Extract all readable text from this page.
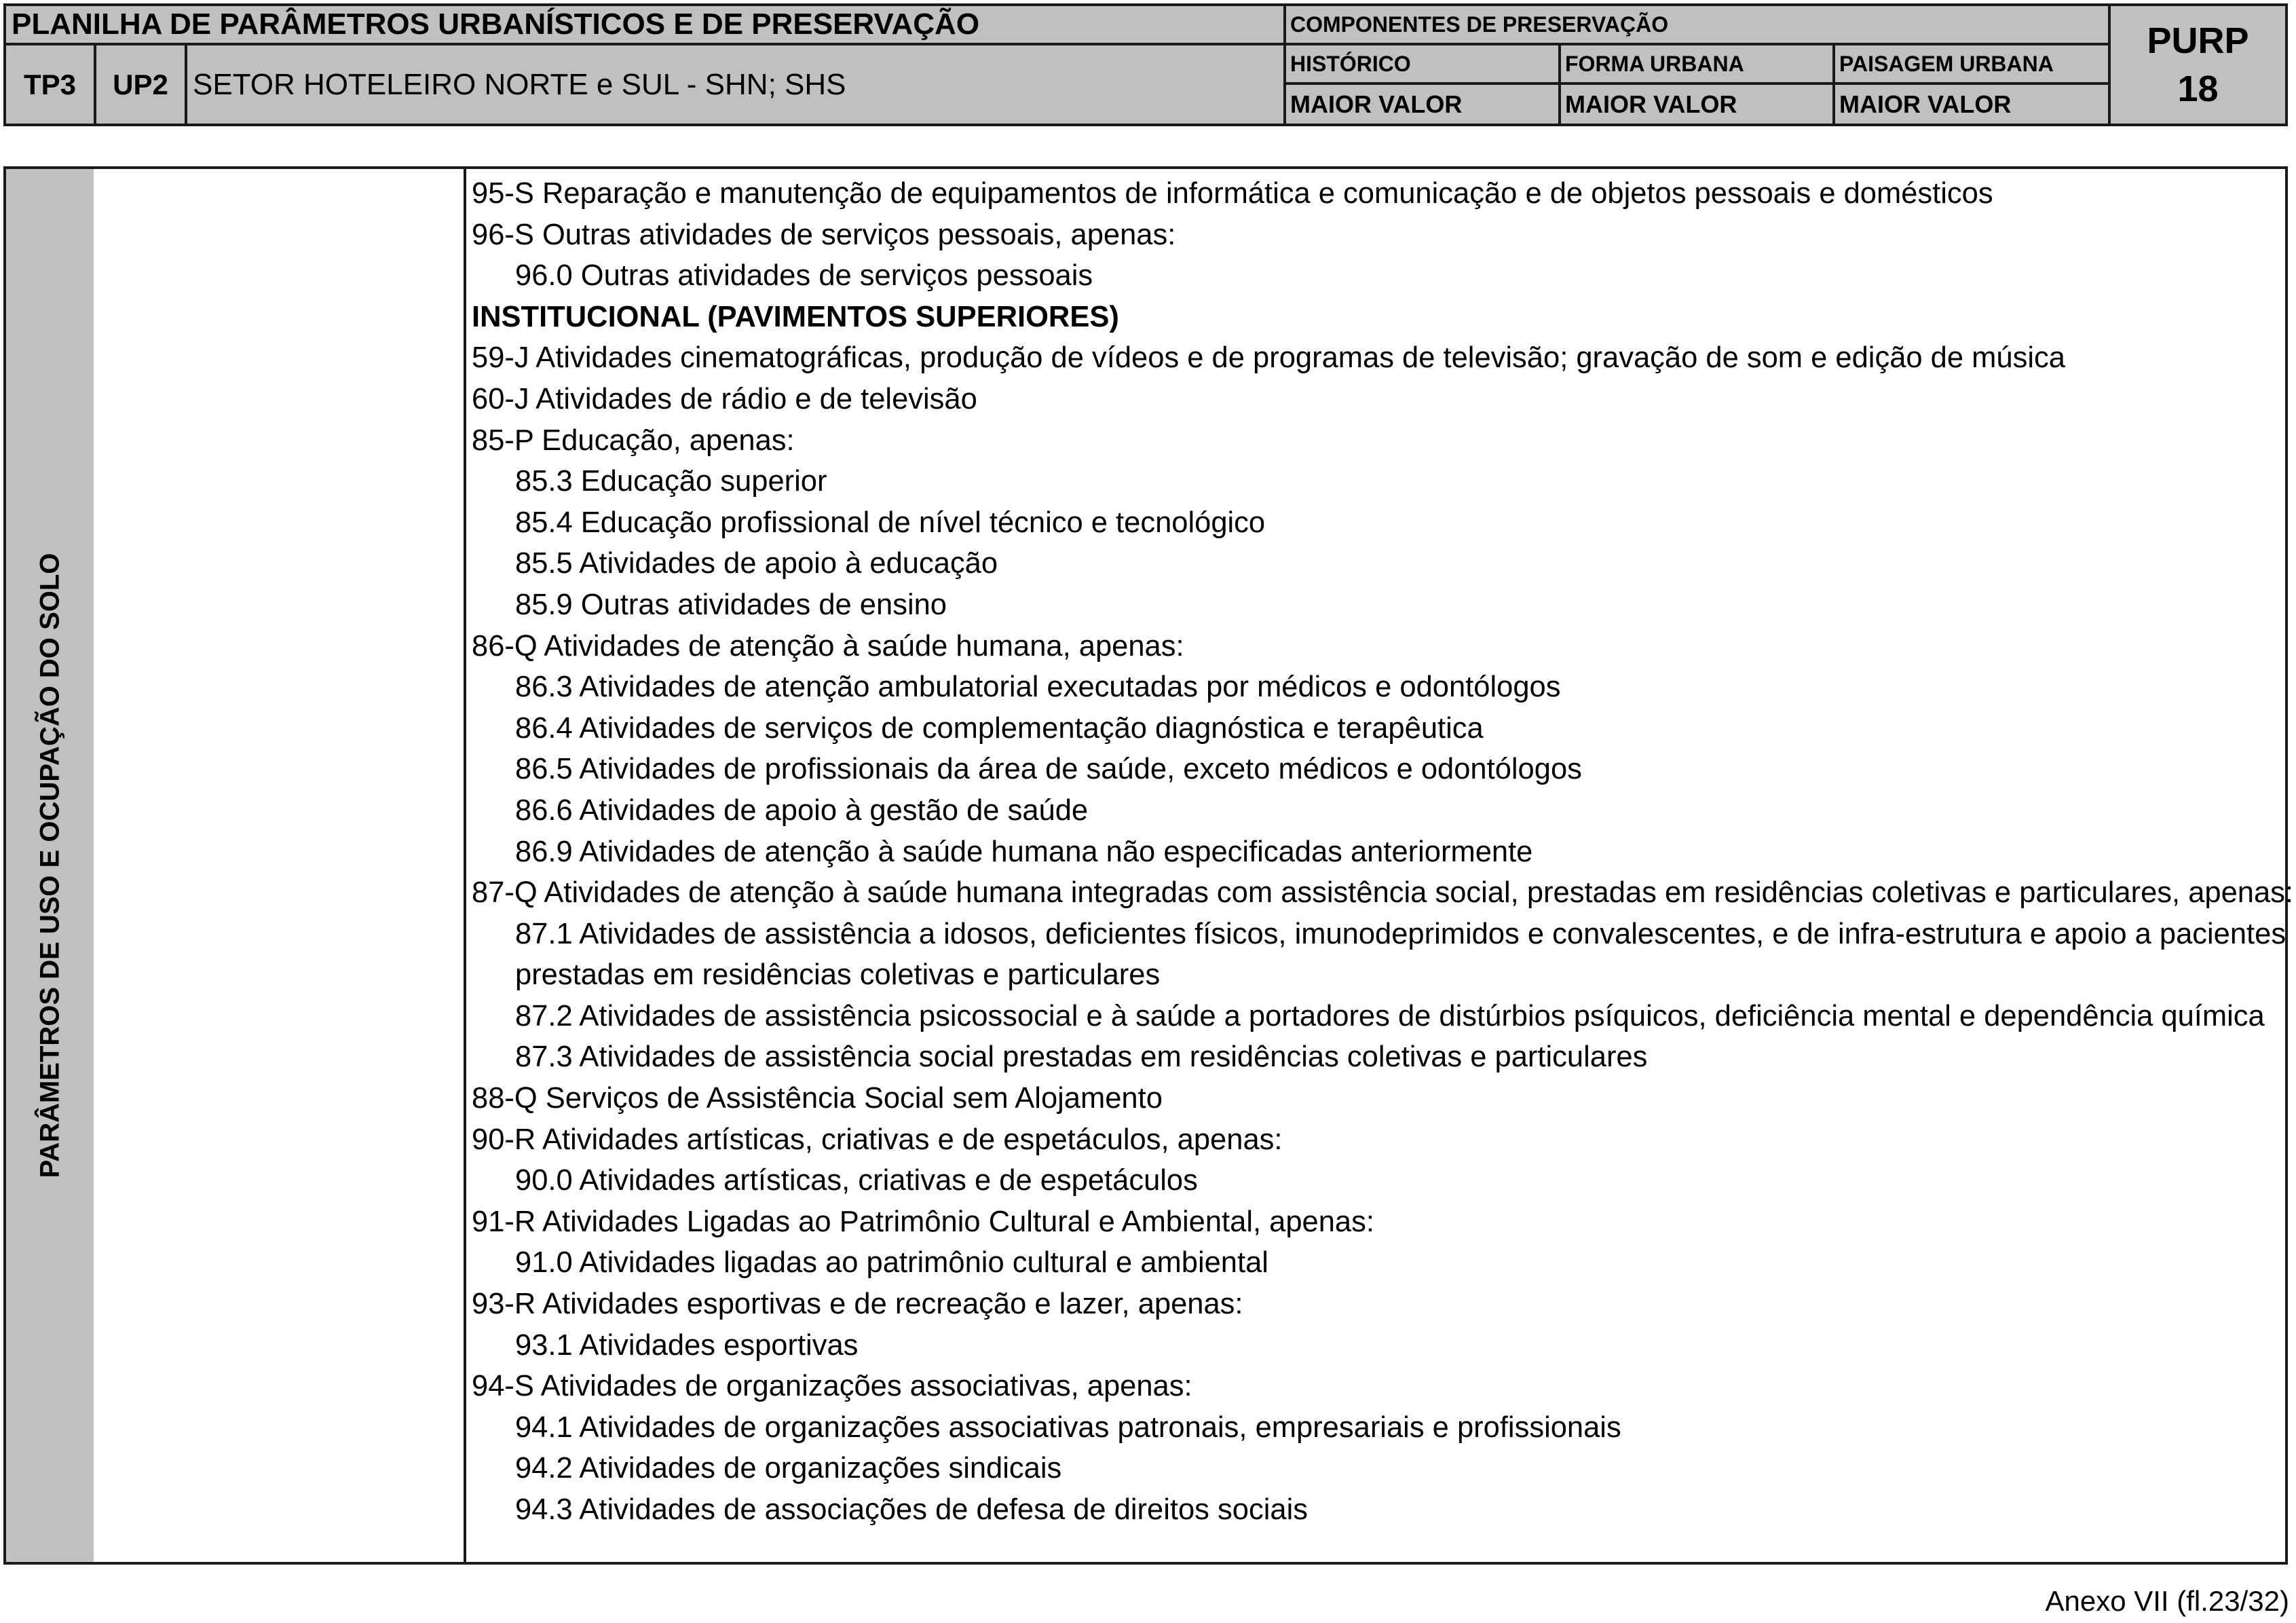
PLANILHA DE PARÂMETROS URBANÍSTICOS E DE PRESERVAÇÃO
TP3	UP2 SETOR HOTELEIRO NORTE e SUL - SHN; SHS
COMPONENTES DE PRESERVAÇÃO
HISTÓRICO	FORMA URBANA	PAISAGEM URBANA
MAIOR VALOR	MAIOR VALOR	MAIOR VALOR
PURP
18
PARÂMETROS DE USO E OCUPAÇÃO DO SOLO
95-S Reparação e manutenção de equipamentos de informática e comunicação e de objetos pessoais e domésticos
96-S Outras atividades de serviços pessoais, apenas:
96.0 Outras atividades de serviços pessoais
INSTITUCIONAL (PAVIMENTOS SUPERIORES)
59-J Atividades cinematográficas, produção de vídeos e de programas de televisão; gravação de som e edição de música
60-J Atividades de rádio e de televisão
85-P Educação, apenas:
85.3 Educação superior
85.4 Educação profissional de nível técnico e tecnológico
85.5 Atividades de apoio à educação
85.9 Outras atividades de ensino
86-Q Atividades de atenção à saúde humana, apenas:
86.3 Atividades de atenção ambulatorial executadas por médicos e odontólogos
86.4 Atividades de serviços de complementação diagnóstica e terapêutica
86.5 Atividades de profissionais da área de saúde, exceto médicos e odontólogos
86.6 Atividades de apoio à gestão de saúde
86.9 Atividades de atenção à saúde humana não especificadas anteriormente
87-Q Atividades de atenção à saúde humana integradas com assistência social, prestadas em residências coletivas e particulares, apenas:
87.1 Atividades de assistência a idosos, deficientes físicos, imunodeprimidos e convalescentes, e de infra-estrutura e apoio a pacientes
prestadas em residências coletivas e particulares
87.2 Atividades de assistência psicossocial e à saúde a portadores de distúrbios psíquicos, deficiência mental e dependência química
87.3 Atividades de assistência social prestadas em residências coletivas e particulares
88-Q Serviços de Assistência Social sem Alojamento
90-R Atividades artísticas, criativas e de espetáculos, apenas:
90.0 Atividades artísticas, criativas e de espetáculos
91-R Atividades Ligadas ao Patrimônio Cultural e Ambiental, apenas:
91.0 Atividades ligadas ao patrimônio cultural e ambiental
93-R Atividades esportivas e de recreação e lazer, apenas:
93.1 Atividades esportivas
94-S Atividades de organizações associativas, apenas:
94.1 Atividades de organizações associativas patronais, empresariais e profissionais
94.2 Atividades de organizações sindicais
94.3 Atividades de associações de defesa de direitos sociais
Anexo VII (fl.23/32)
